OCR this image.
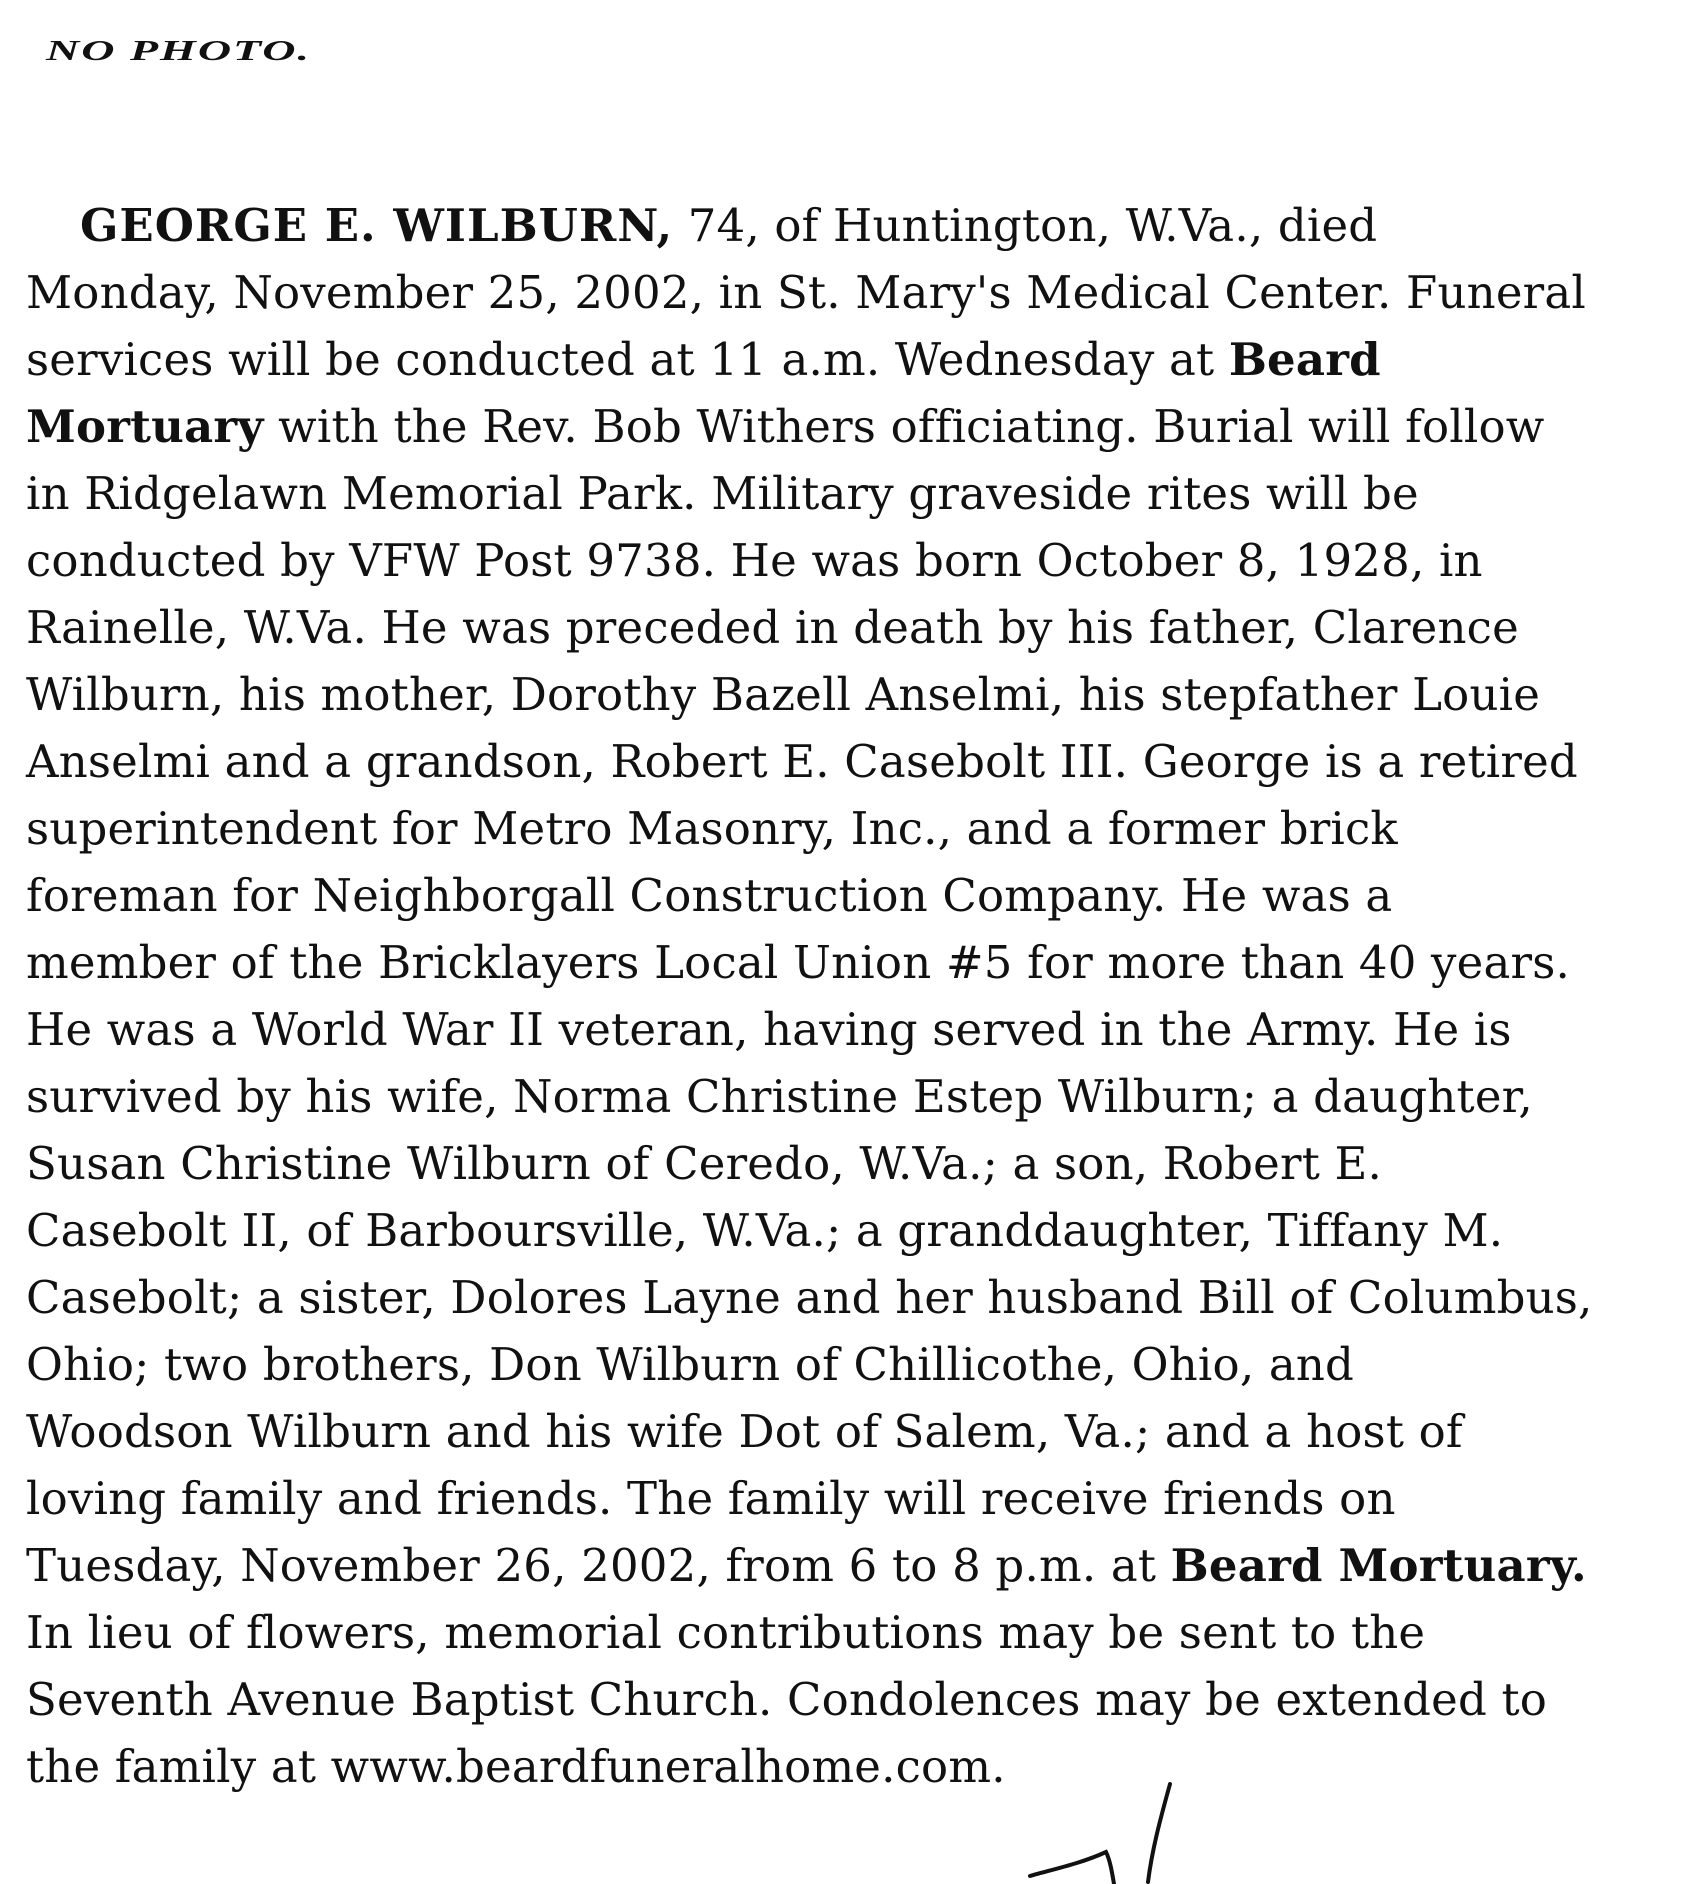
NO PHOTO.
GEORGE E. WILBURN, 74, of Huntington, W.Va., died
Monday, November 25, 2002, in St. Mary's Medical Center. Funeral
services will be conducted at 11 a.m. Wednesday at Beard
Mortuary with the Rev. Bob Withers officiating. Burial will follow
in Ridgelawn Memorial Park. Military graveside rites will be
conducted by VFW Post 9738. He was born October 8, 1928, in
Rainelle, W.Va. He was preceded in death by his father, Clarence
Wilburn, his mother, Dorothy Bazell Anselmi, his stepfather Louie
Anselmi and a grandson, Robert E. Casebolt III. George is a retired
superintendent for Metro Masonry, Inc., and a former brick
foreman for Neighborgall Construction Company. He was a
member of the Bricklayers Local Union #5 for more than 40 years.
He was a World War II veteran, having served in the Army. He is
survived by his wife, Norma Christine Estep Wilburn; a daughter,
Susan Christine Wilburn of Ceredo, W.Va.; a son, Robert E.
Casebolt II, of Barboursville, W.Va.; a granddaughter, Tiffany M.
Casebolt; a sister, Dolores Layne and her husband Bill of Columbus,
Ohio; two brothers, Don Wilburn of Chillicothe, Ohio, and
Woodson Wilburn and his wife Dot of Salem, Va.; and a host of
loving family and friends. The family will receive friends on
Tuesday, November 26, 2002, from 6 to 8 p.m. at Beard Mortuary.
In lieu of flowers, memorial contributions may be sent to the
Seventh Avenue Baptist Church. Condolences may be extended to
the family at www.beardfuneralhome.com.
